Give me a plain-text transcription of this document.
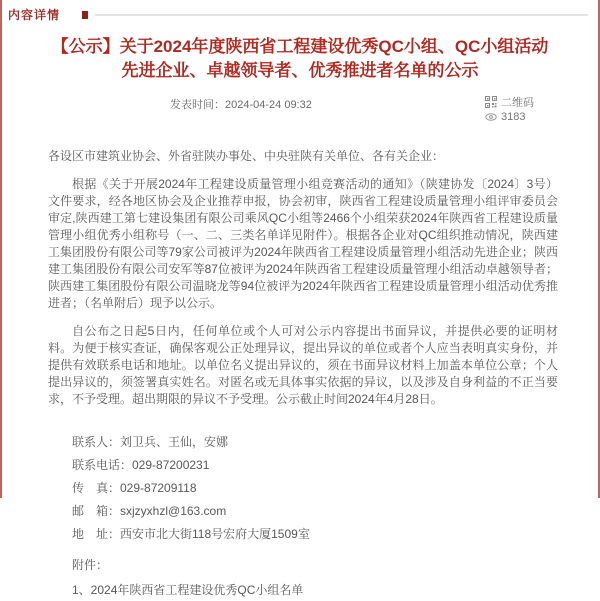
内容详情
【公示】关于2024年度陕西省工程建设优秀QC小组、QC小组活动先进企业、卓越领导者、优秀推进者名单的公示
发表时间：2024-04-24 09:32	二维码
3183
各设区市建筑业协会、外省驻陕办事处、中央驻陕有关单位、各有关企业：
根据《关于开展2024年工程建设质量管理小组竞赛活动的通知》（陕建协发〔2024〕3号）文件要求，经各地区协会及企业推荐申报，协会初审，陕西省工程建设质量管理小组评审委员会审定,陕西建工第七建设集团有限公司乘风QC小组等2466个小组荣获2024年陕西省工程建设质量管理小组优秀小组称号（一、二、三类名单详见附件）。根据各企业对QC组织推动情况，陕西建工集团股份有限公司等79家公司被评为2024年陕西省工程建设质量管理小组活动先进企业；陕西建工集团股份有限公司安军等87位被评为2024年陕西省工程建设质量管理小组活动卓越领导者；陕西建工集团股份有限公司温晓龙等94位被评为2024年陕西省工程建设质量管理小组活动优秀推进者；（名单附后）现予以公示。
自公布之日起5日内，任何单位或个人可对公示内容提出书面异议，并提供必要的证明材料。为便于核实查证，确保客观公正处理异议，提出异议的单位或者个人应当表明真实身份，并提供有效联系电话和地址。以单位名义提出异议的，须在书面异议材料上加盖本单位公章；个人提出异议的，须签署真实姓名。对匿名或无具体事实依据的异议，以及涉及自身利益的不正当要求，不予受理。超出期限的异议不予受理。公示截止时间2024年4月28日。
联系人：刘卫兵、王仙，安娜
联系电话：029-87200231
传　真：029-87209118
邮　箱：sxjzyxhzl@163.com
地　址：西安市北大街118号宏府大厦1509室
附件：
1、2024年陕西省工程建设优秀QC小组名单
